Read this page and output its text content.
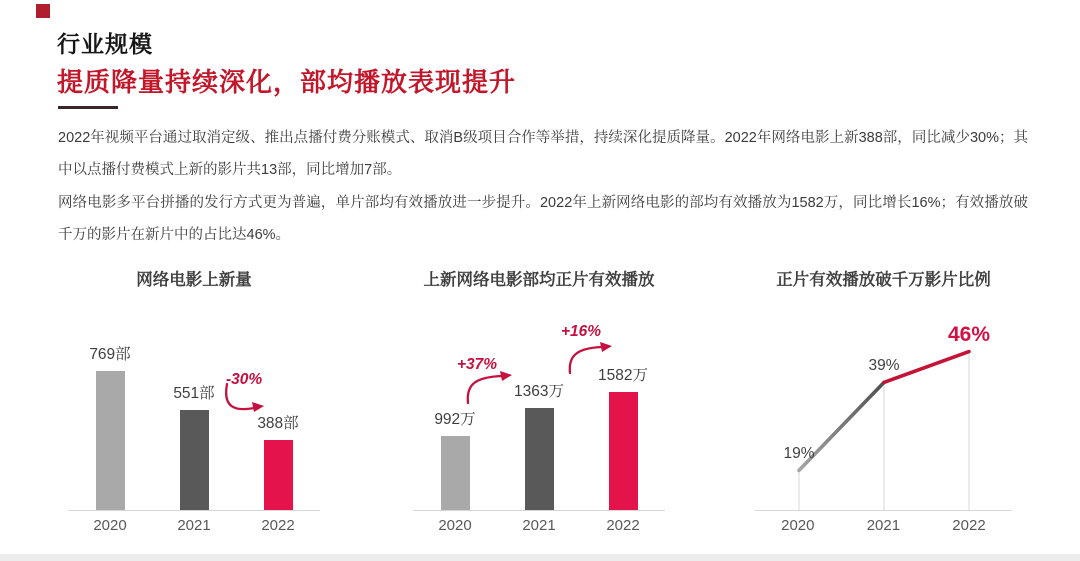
行业规模
提质降量持续深化，部均播放表现提升

2022年视频平台通过取消定级、推出点播付费分账模式、取消B级项目合作等举措，持续深化提质降量。2022年网络电影上新388部，同比减少30%；其中以点播付费模式上新的影片共13部，同比增加7部。

网络电影多平台拼播的发行方式更为普遍，单片部均有效播放进一步提升。2022年上新网络电影的部均有效播放为1582万，同比增长16%；有效播放破千万的影片在新片中的占比达46%。

网络电影上新量
769部
551部
388部
-30%
2020	2021	2022
上新网络电影部均正片有效播放
992万
1363万
1582万
+37%
+16%
2020	2021	2022
正片有效播放破千万影片比例
19%
39%
46%
2020	2021	2022
